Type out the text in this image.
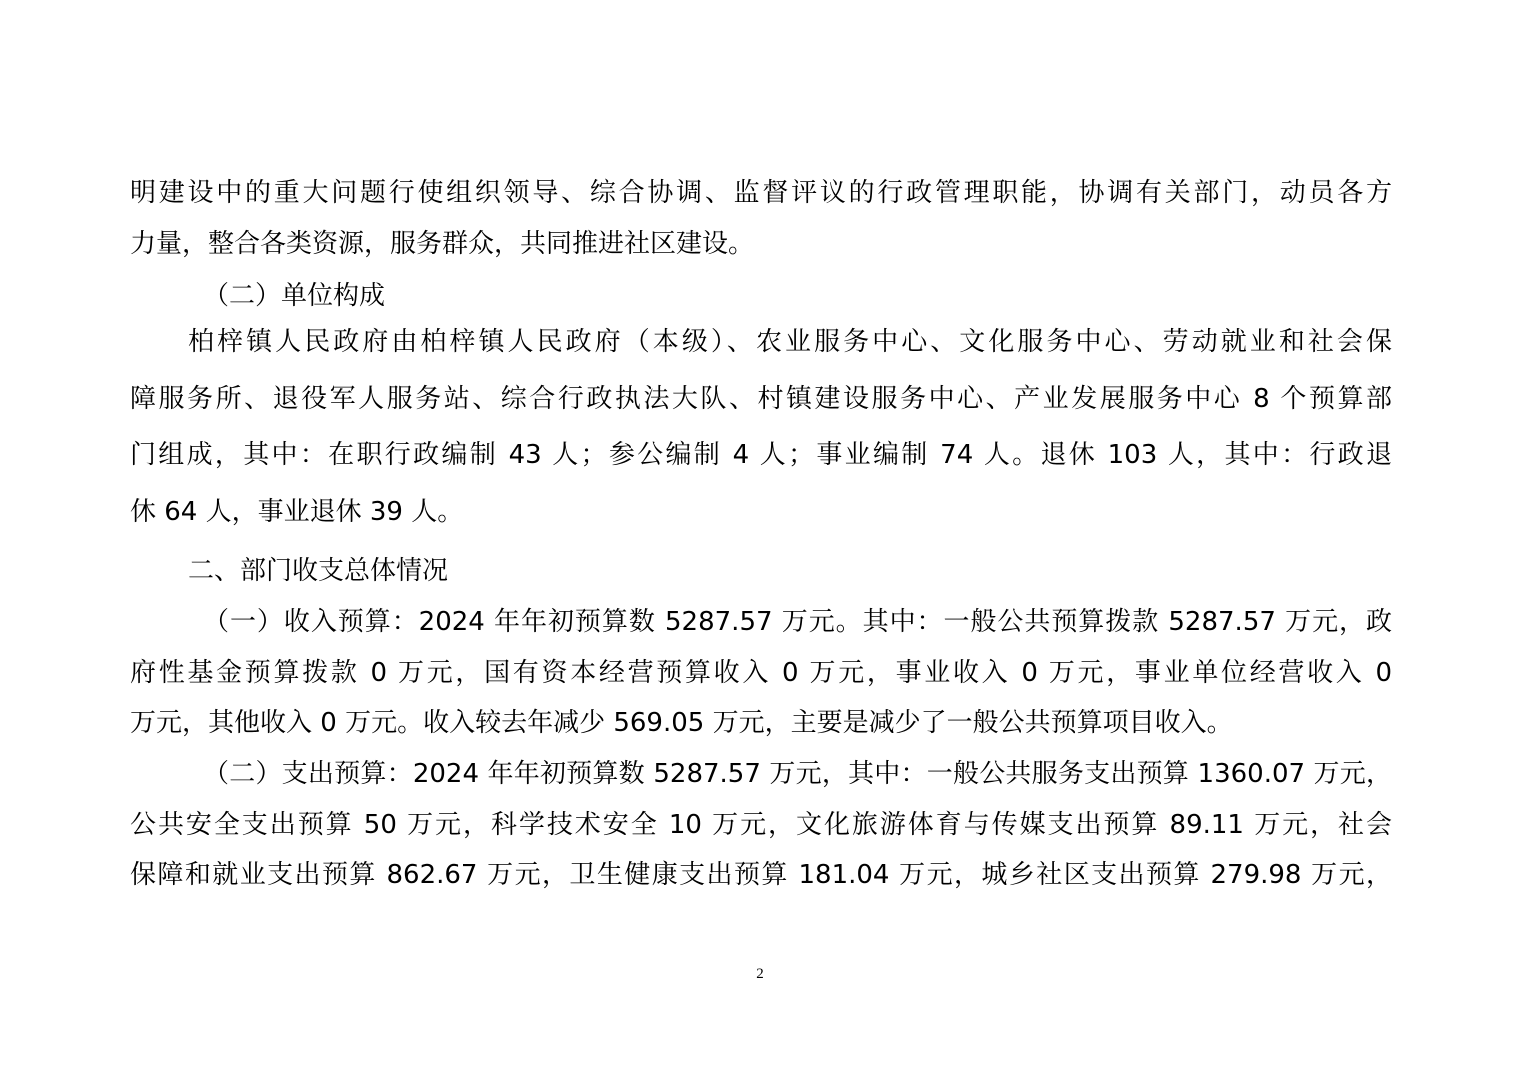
明建设中的重大问题行使组织领导、综合协调、监督评议的行政管理职能，协调有关部门，动员各方
力量，整合各类资源，服务群众，共同推进社区建设。
（二）单位构成
柏梓镇人民政府由柏梓镇人民政府（本级）、农业服务中心、文化服务中心、劳动就业和社会保
障服务所、退役军人服务站、综合行政执法大队、村镇建设服务中心、产业发展服务中心 8 个预算部
门组成，其中：在职行政编制 43 人；参公编制 4 人；事业编制 74 人。退休 103 人，其中：行政退
休 64 人，事业退休 39 人。
二、部门收支总体情况
（一）收入预算：2024 年年初预算数 5287.57 万元。其中：一般公共预算拨款 5287.57 万元，政
府性基金预算拨款 0 万元，国有资本经营预算收入 0 万元，事业收入 0 万元，事业单位经营收入 0
万元，其他收入 0 万元。收入较去年减少 569.05 万元，主要是减少了一般公共预算项目收入。
（二）支出预算：2024 年年初预算数 5287.57 万元，其中：一般公共服务支出预算 1360.07 万元，
公共安全支出预算 50 万元，科学技术安全 10 万元，文化旅游体育与传媒支出预算 89.11 万元，社会
保障和就业支出预算 862.67 万元，卫生健康支出预算 181.04 万元，城乡社区支出预算 279.98 万元，
2
